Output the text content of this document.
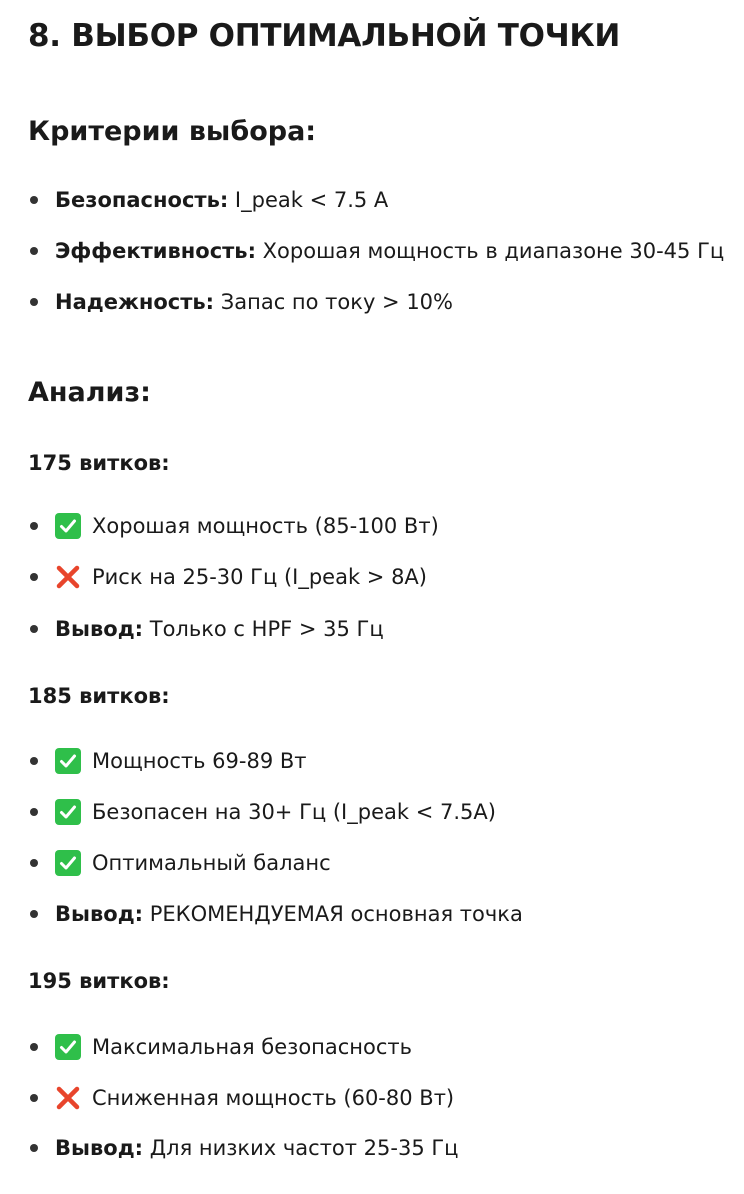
8. ВЫБОР ОПТИМАЛЬНОЙ ТОЧКИ
Критерии выбора:
Безопасность: I_peak < 7.5 A
Эффективность: Хорошая мощность в диапазоне 30-45 Гц
Надежность: Запас по току > 10%
Анализ:
175 витков:
Хорошая мощность (85-100 Вт)
Риск на 25-30 Гц (I_peak > 8A)
Вывод: Только с HPF > 35 Гц
185 витков:
Мощность 69-89 Вт
Безопасен на 30+ Гц (I_peak < 7.5A)
Оптимальный баланс
Вывод: РЕКОМЕНДУЕМАЯ основная точка
195 витков:
Максимальная безопасность
Сниженная мощность (60-80 Вт)
Вывод: Для низких частот 25-35 Гц
